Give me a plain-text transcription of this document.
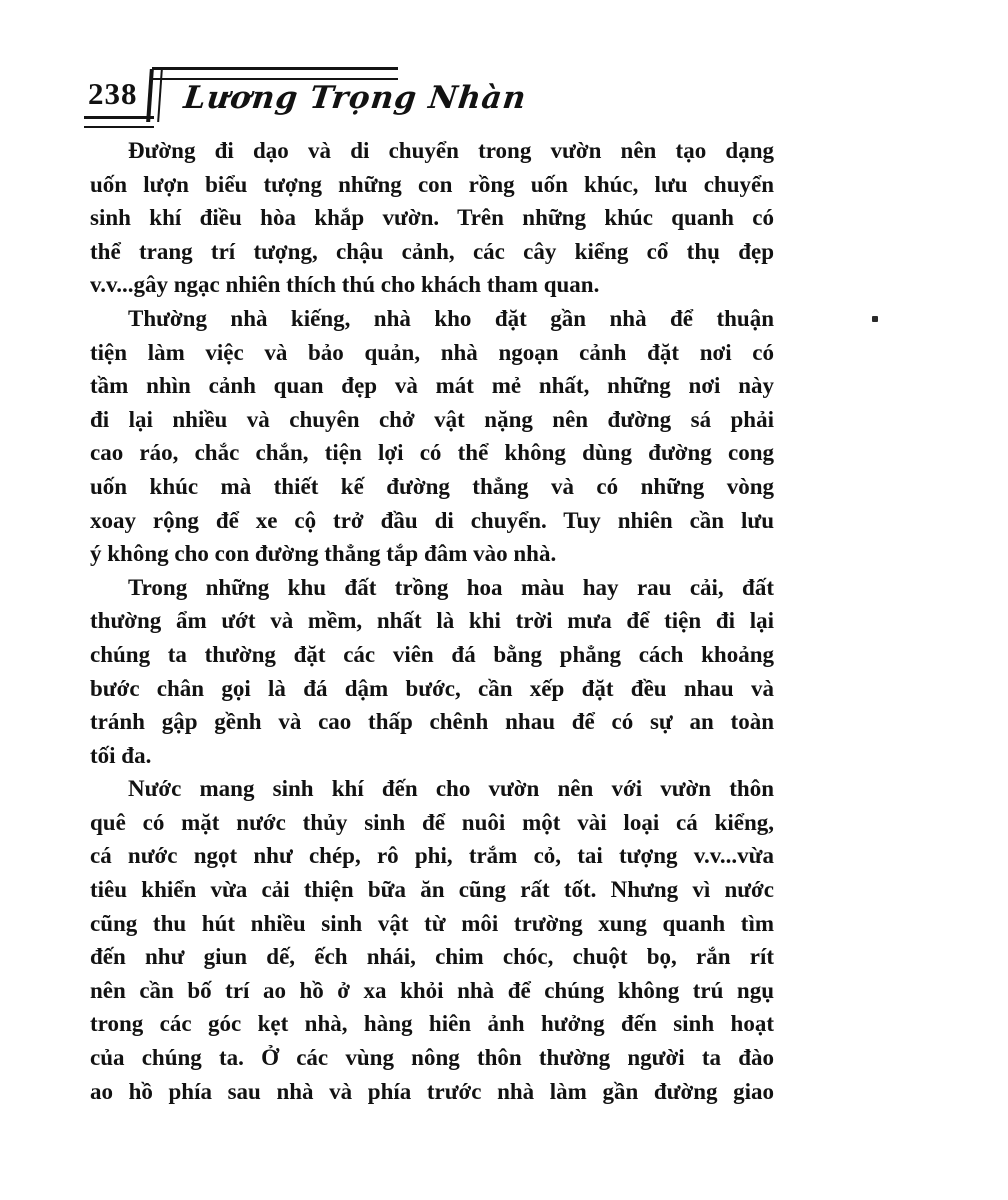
238 Lương Trọng Nhàn

Đường đi dạo và di chuyển trong vườn nên tạo dạng
uốn lượn biểu tượng những con rồng uốn khúc, lưu chuyển
sinh khí điều hòa khắp vườn. Trên những khúc quanh có
thể trang trí tượng, chậu cảnh, các cây kiểng cổ thụ đẹp
v.v...gây ngạc nhiên thích thú cho khách tham quan.

Thường nhà kiếng, nhà kho đặt gần nhà để thuận
tiện làm việc và bảo quản, nhà ngoạn cảnh đặt nơi có
tầm nhìn cảnh quan đẹp và mát mẻ nhất, những nơi này
đi lại nhiều và chuyên chở vật nặng nên đường sá phải
cao ráo, chắc chắn, tiện lợi có thể không dùng đường cong
uốn khúc mà thiết kế đường thẳng và có những vòng
xoay rộng để xe cộ trở đầu di chuyển. Tuy nhiên cần lưu
ý không cho con đường thẳng tắp đâm vào nhà.

Trong những khu đất trồng hoa màu hay rau cải, đất
thường ẩm ướt và mềm, nhất là khi trời mưa để tiện đi lại
chúng ta thường đặt các viên đá bằng phẳng cách khoảng
bước chân gọi là đá dậm bước, cần xếp đặt đều nhau và
tránh gập gềnh và cao thấp chênh nhau để có sự an toàn
tối đa.

Nước mang sinh khí đến cho vườn nên với vườn thôn
quê có mặt nước thủy sinh để nuôi một vài loại cá kiểng,
cá nước ngọt như chép, rô phi, trắm cỏ, tai tượng v.v...vừa
tiêu khiển vừa cải thiện bữa ăn cũng rất tốt. Nhưng vì nước
cũng thu hút nhiều sinh vật từ môi trường xung quanh tìm
đến như giun dế, ếch nhái, chim chóc, chuột bọ, rắn rít
nên cần bố trí ao hồ ở xa khỏi nhà để chúng không trú ngụ
trong các góc kẹt nhà, hàng hiên ảnh hưởng đến sinh hoạt
của chúng ta. Ở các vùng nông thôn thường người ta đào
ao hồ phía sau nhà và phía trước nhà làm gần đường giao
